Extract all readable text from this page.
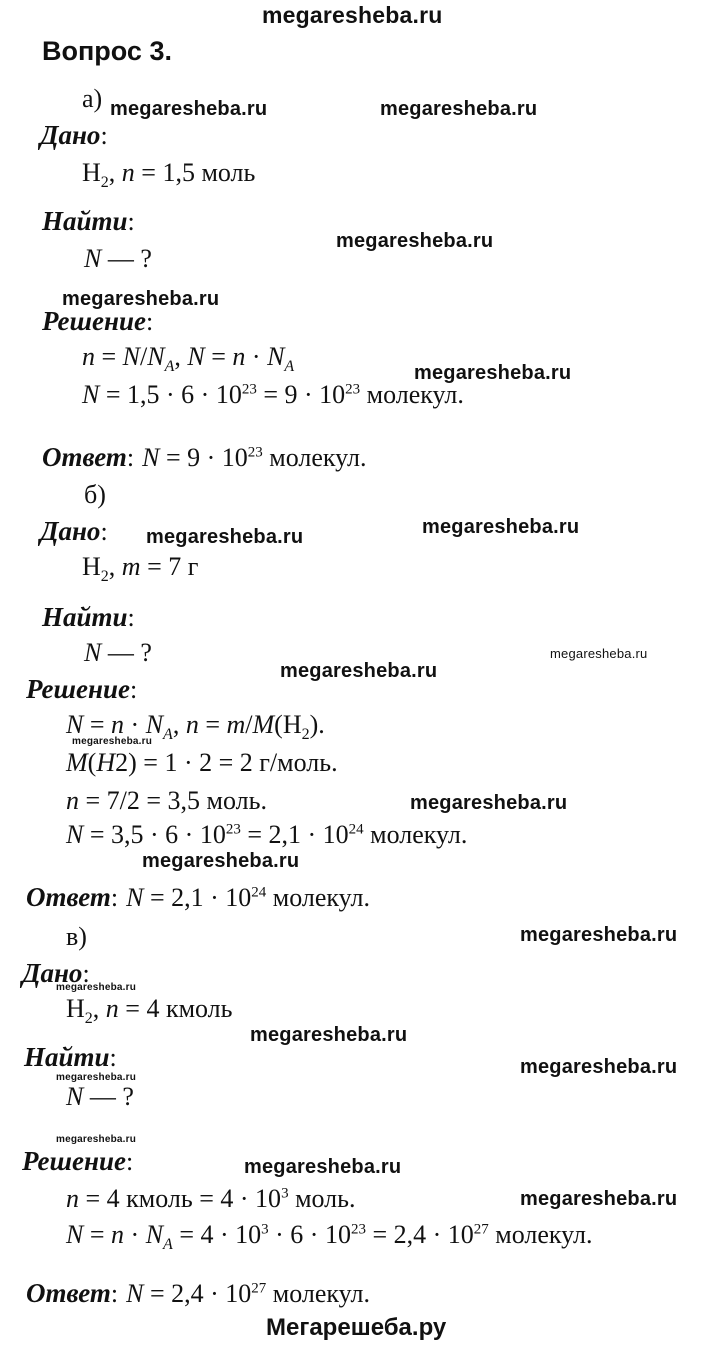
megaresheba.ru
Вопрос 3.
а)
Дано:
$H_2$, n = 1,5 моль
Найти:
N — ?
Решение:
$n = N/N_A$, $N = n \cdot N_A$
$N = 1,5 \cdot 6 \cdot 10^{23} = 9 \cdot 10^{23}$ молекул.
Ответ: $N = 9 \cdot 10^{23}$ молекул.
б)
Дано:
$H_2$, m = 7 г
Найти:
N — ?
Решение:
$N = n \cdot N_A$, $n = m/M(H_2)$.
M(H2) = 1 · 2 = 2 г/моль.
n = 7/2 = 3,5 моль.
$N = 3,5 \cdot 6 \cdot 10^{23} = 2,1 \cdot 10^{24}$ молекул.
Ответ: $N = 2,1 \cdot 10^{24}$ молекул.
в)
Дано:
$H_2$, n = 4 кмоль
Найти:
N — ?
Решение:
n = 4 кмоль = $4 \cdot 10^3$ моль.
$N = n \cdot N_A = 4 \cdot 10^3 \cdot 6 \cdot 10^{23} = 2,4 \cdot 10^{27}$ молекул.
Ответ: $N = 2,4 \cdot 10^{27}$ молекул.
Мегарешеба.ру
megaresheba.ru	megaresheba.ru
megaresheba.ru
megaresheba.ru
megaresheba.ru
megaresheba.ru	megaresheba.ru
megaresheba.ru
megaresheba.ru
megaresheba.ru
megaresheba.ru
megaresheba.ru
megaresheba.ru
megaresheba.ru
megaresheba.ru
megaresheba.ru	megaresheba.ru
megaresheba.ru
megaresheba.ru
megaresheba.ru
